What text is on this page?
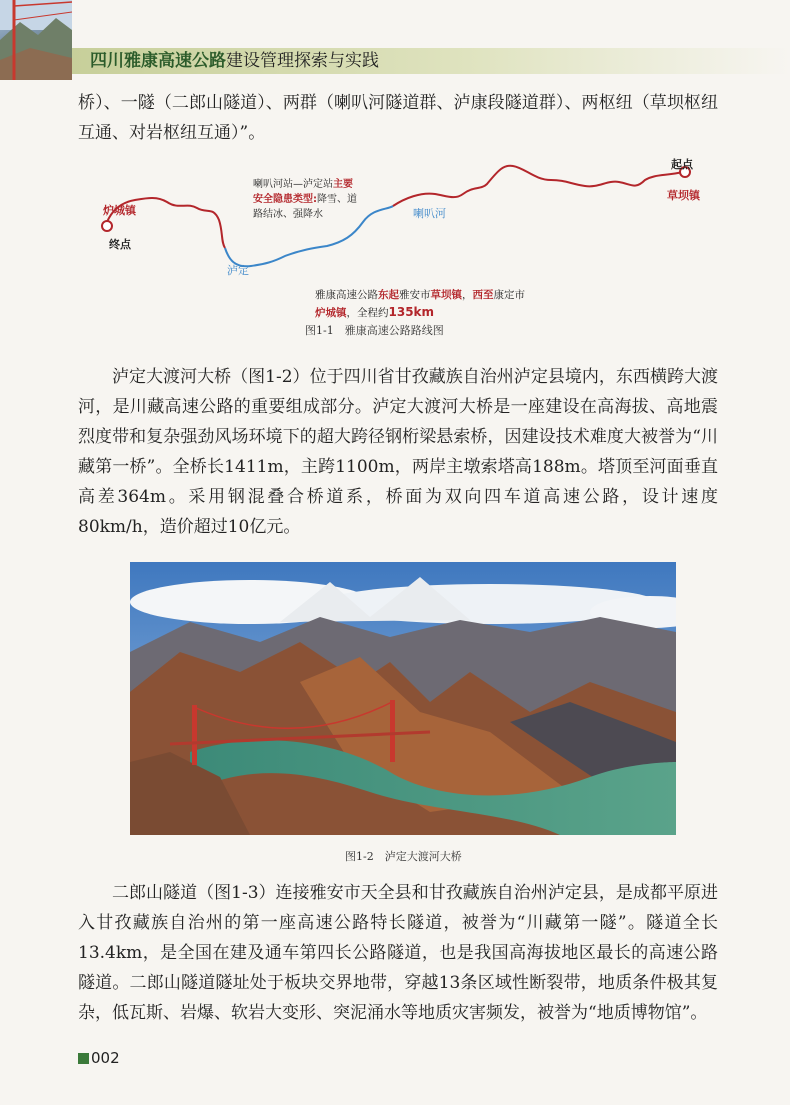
四川雅康高速公路建设管理探索与实践

桥）、一隧（二郎山隧道）、两群（喇叭河隧道群、泸康段隧道群）、两枢纽（草坝枢纽互通、对岩枢纽互通）”。

起点
草坝镇
炉城镇
终点
泸定
喇叭河
喇叭河站—泸定站主要
安全隐患类型:降雪、道
路结冰、强降水
雅康高速公路东起雅安市草坝镇，西至康定市
炉城镇，全程约135km
图1-1　雅康高速公路路线图

泸定大渡河大桥（图1-2）位于四川省甘孜藏族自治州泸定县境内，东西横跨大渡河，是川藏高速公路的重要组成部分。泸定大渡河大桥是一座建设在高海拔、高地震烈度带和复杂强劲风场环境下的超大跨径钢桁梁悬索桥，因建设技术难度大被誉为“川藏第一桥”。全桥长1411m，主跨1100m，两岸主墩索塔高188m。塔顶至河面垂直高差364m。采用钢混叠合桥道系，桥面为双向四车道高速公路，设计速度80km/h，造价超过10亿元。

图1-2　泸定大渡河大桥

二郎山隧道（图1-3）连接雅安市天全县和甘孜藏族自治州泸定县，是成都平原进入甘孜藏族自治州的第一座高速公路特长隧道，被誉为“川藏第一隧”。隧道全长13.4km，是全国在建及通车第四长公路隧道，也是我国高海拔地区最长的高速公路隧道。二郎山隧道隧址处于板块交界地带，穿越13条区域性断裂带，地质条件极其复杂，低瓦斯、岩爆、软岩大变形、突泥涌水等地质灾害频发，被誉为“地质博物馆”。

002
